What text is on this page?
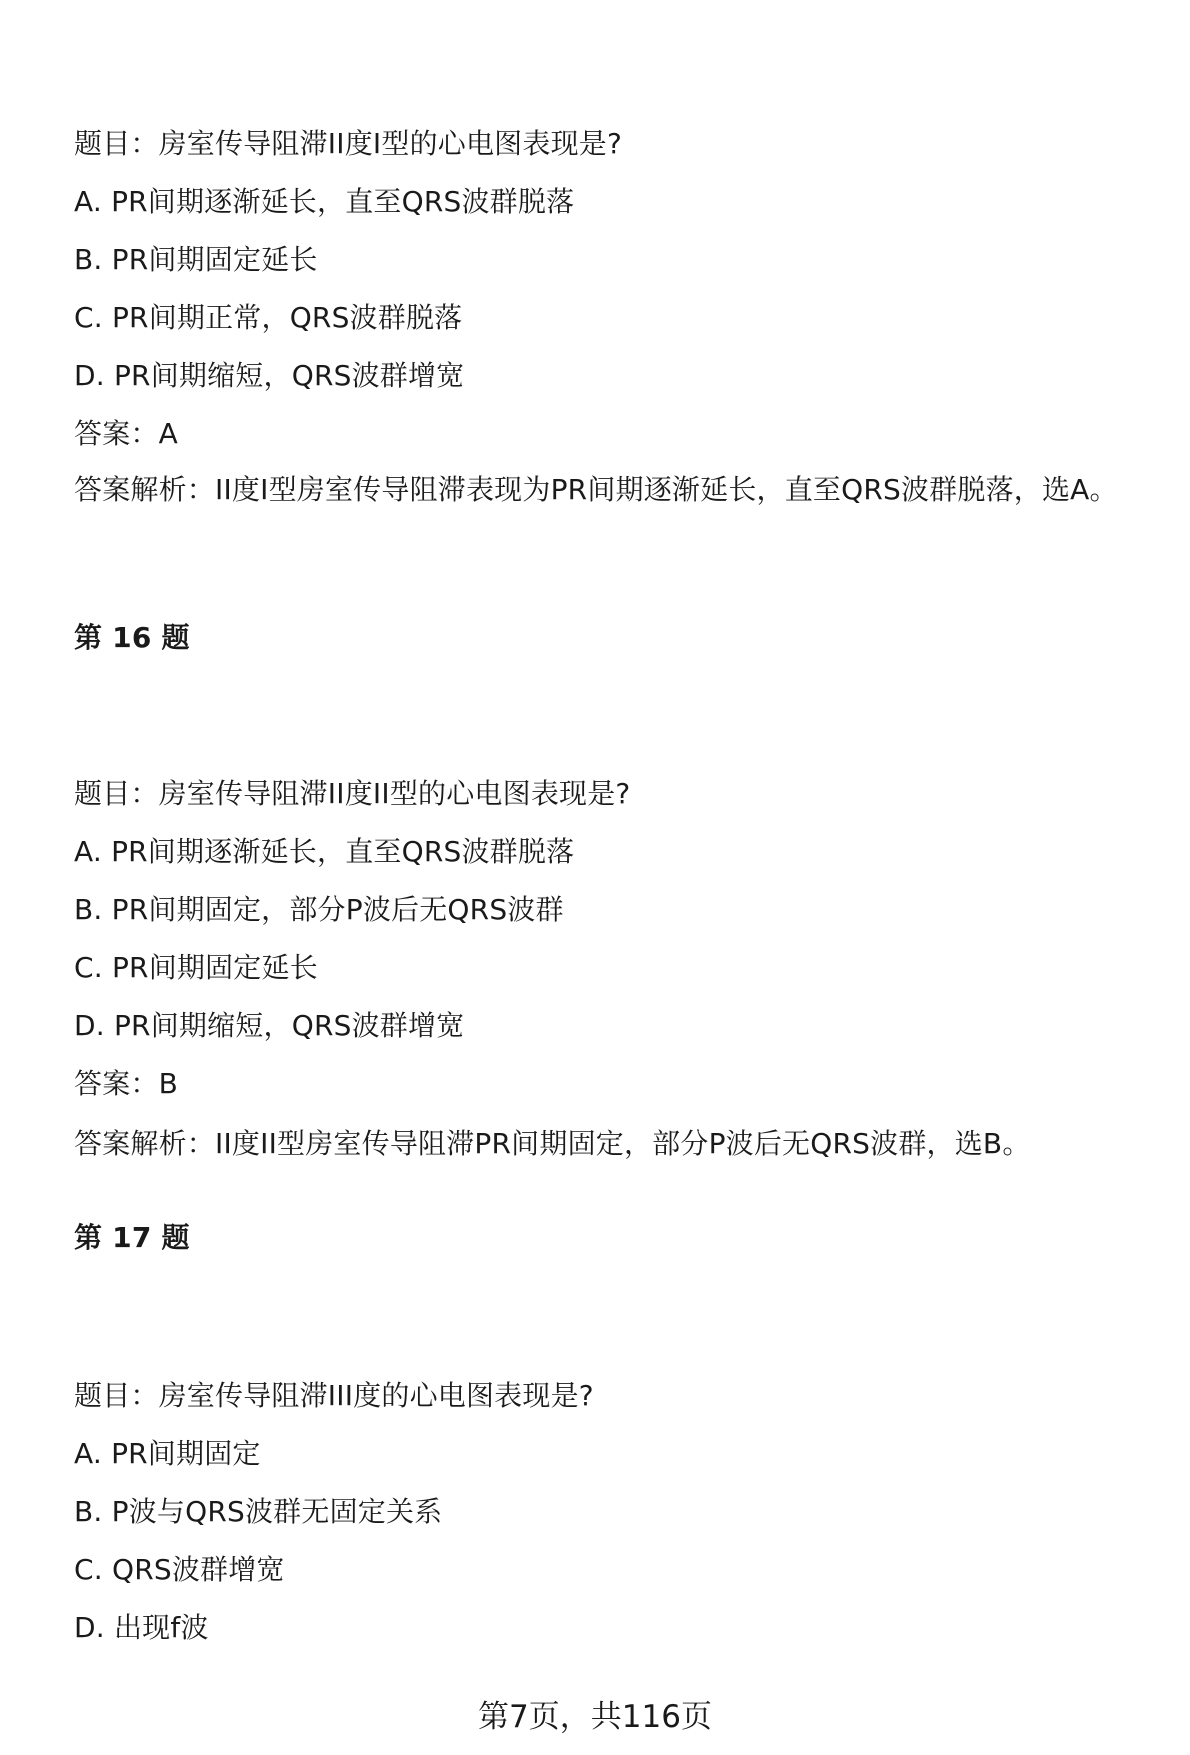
题目：房室传导阻滞II度I型的心电图表现是?
A. PR间期逐渐延长，直至QRS波群脱落
B. PR间期固定延长
C. PR间期正常，QRS波群脱落
D. PR间期缩短，QRS波群增宽
答案：A
答案解析：II度I型房室传导阻滞表现为PR间期逐渐延长，直至QRS波群脱落，选A。
第 16 题
题目：房室传导阻滞II度II型的心电图表现是?
A. PR间期逐渐延长，直至QRS波群脱落
B. PR间期固定，部分P波后无QRS波群
C. PR间期固定延长
D. PR间期缩短，QRS波群增宽
答案：B
答案解析：II度II型房室传导阻滞PR间期固定，部分P波后无QRS波群，选B。
第 17 题
题目：房室传导阻滞III度的心电图表现是?
A. PR间期固定
B. P波与QRS波群无固定关系
C. QRS波群增宽
D. 出现f波
第7页，共116页
